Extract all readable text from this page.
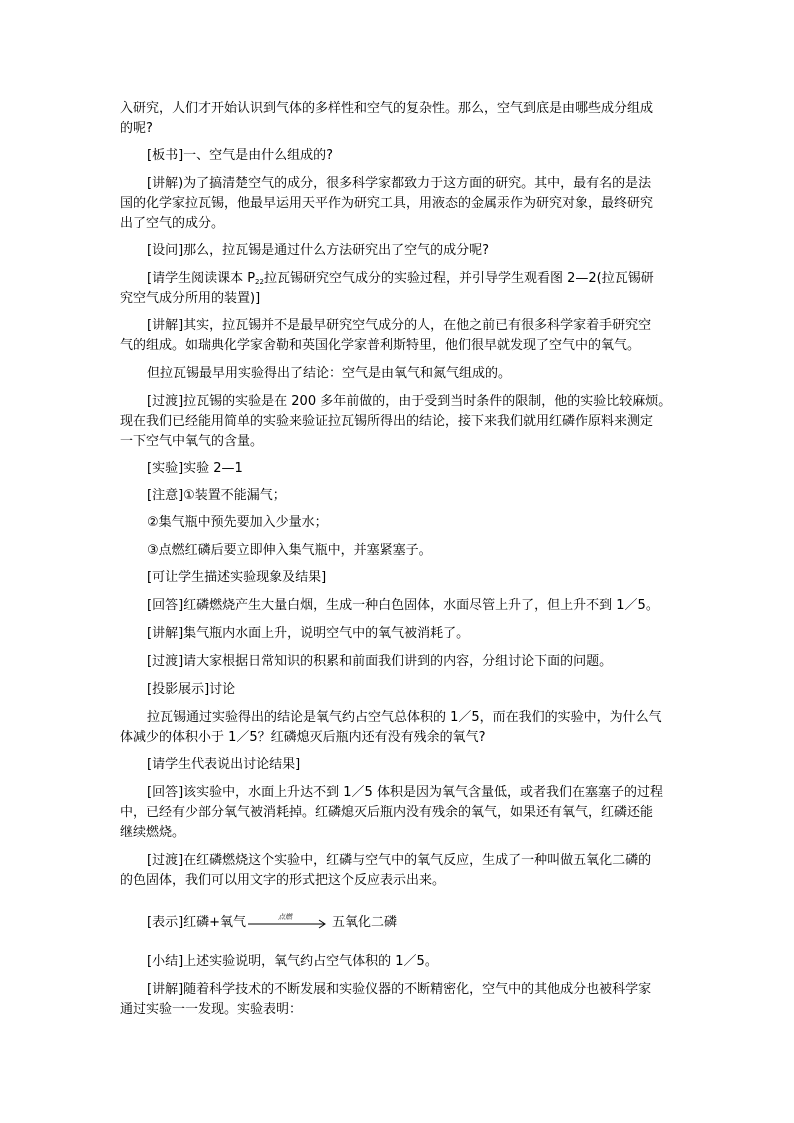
入研究，人们才开始认识到气体的多样性和空气的复杂性。那么，空气到底是由哪些成分组成
的呢?
[板书]一、空气是由什么组成的?
[讲解)为了搞清楚空气的成分，很多科学家都致力于这方面的研究。其中，最有名的是法
国的化学家拉瓦锡，他最早运用天平作为研究工具，用液态的金属汞作为研究对象，最终研究
出了空气的成分。
[设问]那么，拉瓦锡是通过什么方法研究出了空气的成分呢?
[请学生阅读课本 $P_{22}$拉瓦锡研究空气成分的实验过程，并引导学生观看图 2—2(拉瓦锡研
究空气成分所用的装置)]
[讲解]其实，拉瓦锡并不是最早研究空气成分的人，在他之前已有很多科学家着手研究空
气的组成。如瑞典化学家舍勒和英国化学家普利斯特里，他们很早就发现了空气中的氧气。
但拉瓦锡最早用实验得出了结论：空气是由氧气和氮气组成的。
[过渡]拉瓦锡的实验是在 200 多年前做的，由于受到当时条件的限制，他的实验比较麻烦。
现在我们已经能用简单的实验来验证拉瓦锡所得出的结论，接下来我们就用红磷作原料来测定
一下空气中氧气的含量。
[实验]实验 2—1
[注意]①装置不能漏气；
②集气瓶中预先要加入少量水；
③点燃红磷后要立即伸入集气瓶中，并塞紧塞子。
[可让学生描述实验现象及结果]
[回答]红磷燃烧产生大量白烟，生成一种白色固体，水面尽管上升了，但上升不到 1／5。
[讲解]集气瓶内水面上升，说明空气中的氧气被消耗了。
[过渡]请大家根据日常知识的积累和前面我们讲到的内容，分组讨论下面的问题。
[投影展示]讨论
拉瓦锡通过实验得出的结论是氧气约占空气总体积的 1／5，而在我们的实验中，为什么气
体减少的体积小于 1／5？红磷熄灭后瓶内还有没有残余的氧气?
[请学生代表说出讨论结果]
[回答]该实验中，水面上升达不到 1／5 体积是因为氧气含量低，或者我们在塞塞子的过程
中，已经有少部分氧气被消耗掉。红磷熄灭后瓶内没有残余的氧气，如果还有氧气，红磷还能
继续燃烧。
[过渡]在红磷燃烧这个实验中，红磷与空气中的氧气反应，生成了一种叫做五氧化二磷的
的色固体，我们可以用文字的形式把这个反应表示出来。
[表示]红磷+氧气	点燃	五氧化二磷
[小结]上述实验说明，氧气约占空气体积的 1／5。
[讲解]随着科学技术的不断发展和实验仪器的不断精密化，空气中的其他成分也被科学家
通过实验一一发现。实验表明：
